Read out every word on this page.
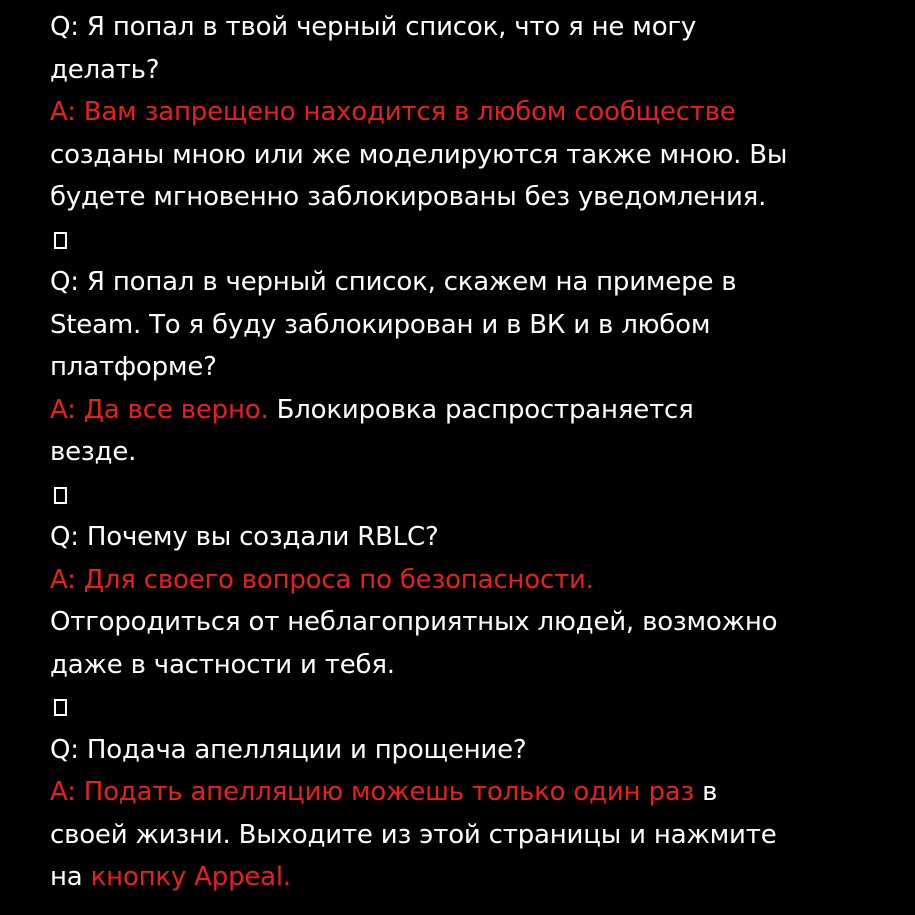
Q: Я попал в твой черный список, что я не могу
делать?
A: Вам запрещено находится в любом сообществе
созданы мною или же моделируются также мною. Вы
будете мгновенно заблокированы без уведомления.
Q: Я попал в черный список, скажем на примере в
Steam. То я буду заблокирован и в ВК и в любом
платформе?
A: Да все верно. Блокировка распространяется
везде.
Q: Почему вы создали RBLC?
A: Для своего вопроса по безопасности.
Отгородиться от неблагоприятных людей, возможно
даже в частности и тебя.
Q: Подача апелляции и прощение?
A: Подать апелляцию можешь только один раз в
своей жизни. Выходите из этой страницы и нажмите
на кнопку Appeal.
